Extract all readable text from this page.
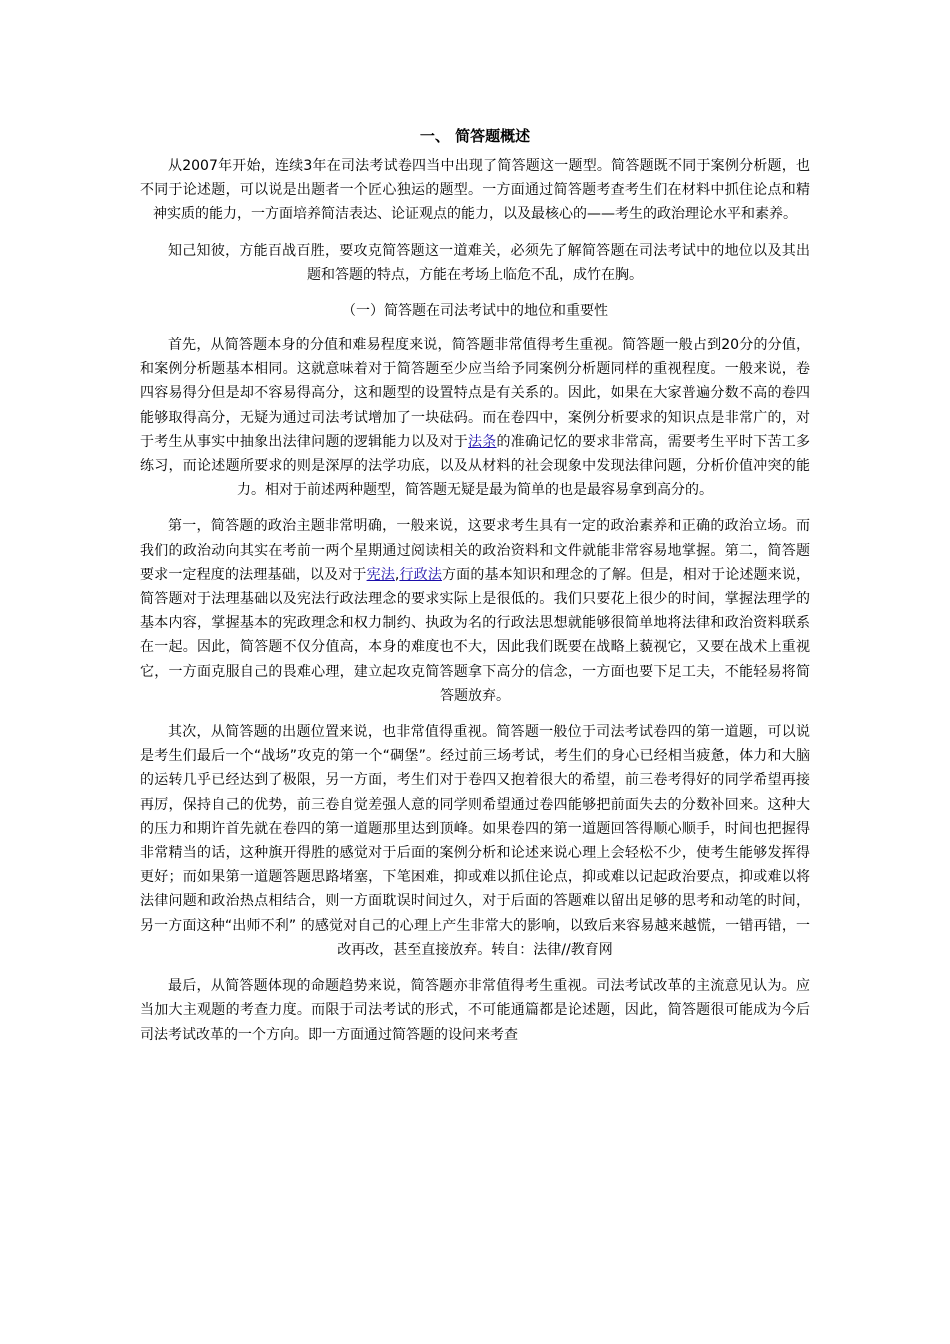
一、 简答题概述

从2007年开始，连续3年在司法考试卷四当中出现了简答题这一题型。简答题既不同于案例分析题，也不同于论述题，可以说是出题者一个匠心独运的题型。一方面通过简答题考查考生们在材料中抓住论点和精神实质的能力，一方面培养简洁表达、论证观点的能力，以及最核心的——考生的政治理论水平和素养。

知己知彼，方能百战百胜，要攻克简答题这一道难关，必须先了解简答题在司法考试中的地位以及其出题和答题的特点，方能在考场上临危不乱，成竹在胸。

（一）简答题在司法考试中的地位和重要性

首先，从简答题本身的分值和难易程度来说，简答题非常值得考生重视。简答题一般占到20分的分值，和案例分析题基本相同。这就意味着对于简答题至少应当给予同案例分析题同样的重视程度。一般来说，卷四容易得分但是却不容易得高分，这和题型的设置特点是有关系的。因此，如果在大家普遍分数不高的卷四能够取得高分，无疑为通过司法考试增加了一块砝码。而在卷四中，案例分析要求的知识点是非常广的，对于考生从事实中抽象出法律问题的逻辑能力以及对于法条的准确记忆的要求非常高，需要考生平时下苦工多练习，而论述题所要求的则是深厚的法学功底，以及从材料的社会现象中发现法律问题，分析价值冲突的能力。相对于前述两种题型，简答题无疑是最为简单的也是最容易拿到高分的。

第一，简答题的政治主题非常明确，一般来说，这要求考生具有一定的政治素养和正确的政治立场。而我们的政治动向其实在考前一两个星期通过阅读相关的政治资料和文件就能非常容易地掌握。第二，简答题要求一定程度的法理基础，以及对于宪法,行政法方面的基本知识和理念的了解。但是，相对于论述题来说，简答题对于法理基础以及宪法行政法理念的要求实际上是很低的。我们只要花上很少的时间，掌握法理学的基本内容，掌握基本的宪政理念和权力制约、执政为名的行政法思想就能够很简单地将法律和政治资料联系在一起。因此，简答题不仅分值高，本身的难度也不大，因此我们既要在战略上藐视它，又要在战术上重视它，一方面克服自己的畏难心理，建立起攻克简答题拿下高分的信念，一方面也要下足工夫，不能轻易将简答题放弃。

其次，从简答题的出题位置来说，也非常值得重视。简答题一般位于司法考试卷四的第一道题，可以说是考生们最后一个“战场”攻克的第一个“碉堡”。经过前三场考试，考生们的身心已经相当疲惫，体力和大脑的运转几乎已经达到了极限，另一方面，考生们对于卷四又抱着很大的希望，前三卷考得好的同学希望再接再厉，保持自己的优势，前三卷自觉差强人意的同学则希望通过卷四能够把前面失去的分数补回来。这种大的压力和期许首先就在卷四的第一道题那里达到顶峰。如果卷四的第一道题回答得顺心顺手，时间也把握得非常精当的话，这种旗开得胜的感觉对于后面的案例分析和论述来说心理上会轻松不少，使考生能够发挥得更好；而如果第一道题答题思路堵塞，下笔困难，抑或难以抓住论点，抑或难以记起政治要点，抑或难以将法律问题和政治热点相结合，则一方面耽误时间过久，对于后面的答题难以留出足够的思考和动笔的时间，另一方面这种“出师不利” 的感觉对自己的心理上产生非常大的影响，以致后来容易越来越慌，一错再错，一改再改，甚至直接放弃。转自：法律//教育网

最后，从简答题体现的命题趋势来说，简答题亦非常值得考生重视。司法考试改革的主流意见认为。应当加大主观题的考查力度。而限于司法考试的形式，不可能通篇都是论述题，因此，简答题很可能成为今后司法考试改革的一个方向。即一方面通过简答题的设问来考查
